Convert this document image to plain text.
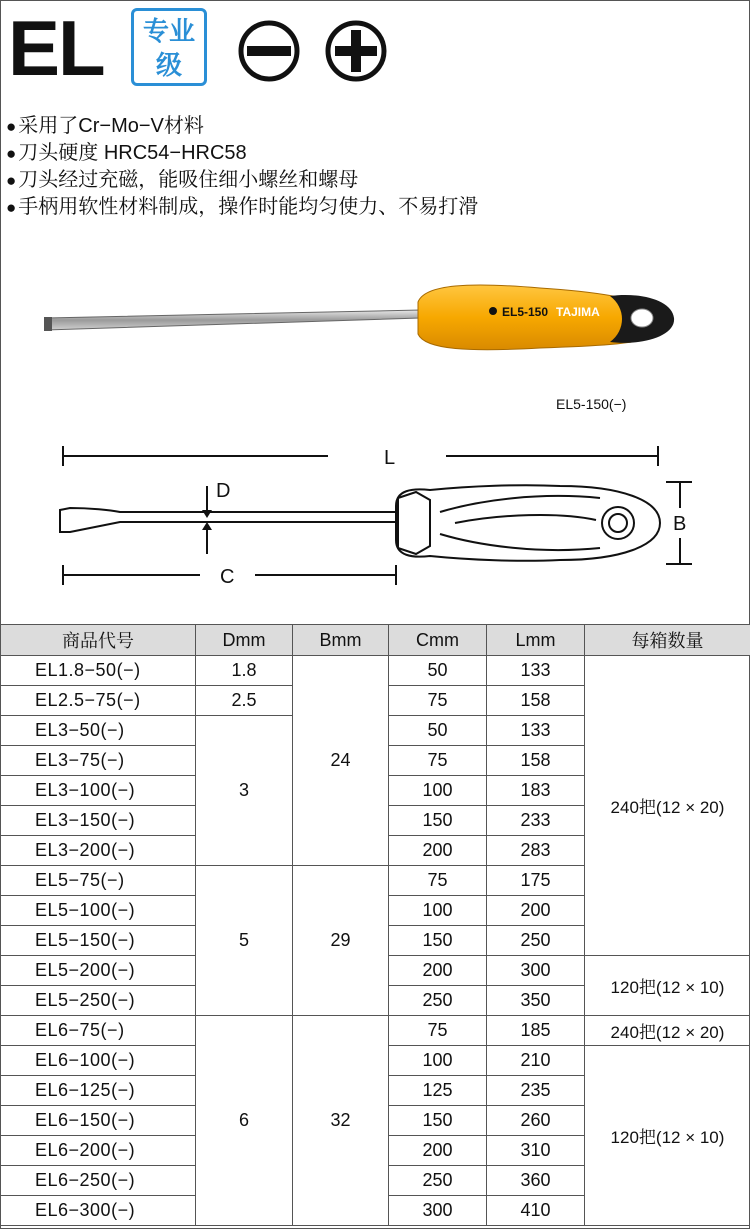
EL	专业
级
● 采用了Cr−Mo−V材料
● 刀头硬度 HRC54−HRC58
● 刀头经过充磁，能吸住细小螺丝和螺母
● 手柄用软性材料制成，操作时能均匀使力、不易打滑
EL5-150 TAJIMA
EL5-150(−)
L
D
C
B
商品代号	Dmm	Bmm	Cmm	Lmm	每箱数量
EL1.8−50(−)	1.8	24	50	133	240把(12 × 20)
EL2.5−75(−)	2.5		75	158	
EL3−50(−)	3		50	133	
EL3−75(−)			75	158	
EL3−100(−)			100	183	
EL3−150(−)			150	233	
EL3−200(−)			200	283	
EL5−75(−)	5	29	75	175	
EL5−100(−)			100	200	
EL5−150(−)			150	250	
EL5−200(−)			200	300	120把(12 × 10)
EL5−250(−)			250	350	
EL6−75(−)	6	32	75	185	240把(12 × 20)
EL6−100(−)			100	210	120把(12 × 10)
EL6−125(−)			125	235	
EL6−150(−)			150	260	
EL6−200(−)			200	310	
EL6−250(−)			250	360	
EL6−300(−)			300	410	
